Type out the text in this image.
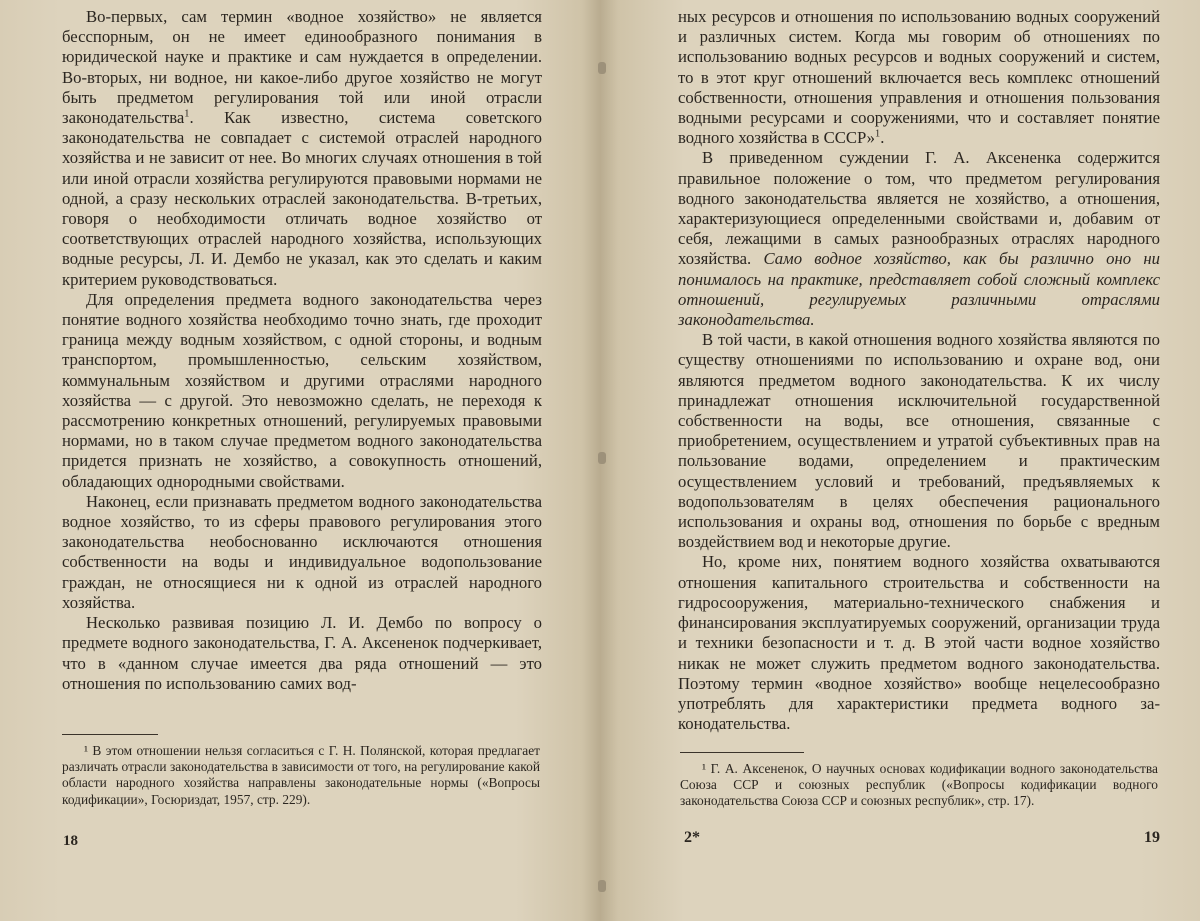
Во-первых, сам термин «водное хозяйство» не является бесспорным, он не имеет единообразного понимания в юридической науке и практике и сам нуждается в определении. Во-вторых, ни водное, ни какое-либо другое хозяйство не могут быть предметом регулирования той или иной отрасли законодательства$^1$. Как известно, система советского законодательства не совпадает с системой отраслей народного хозяйства и не зависит от нее. Во многих случаях отношения в той или иной отрасли хозяйства регулируются правовыми нормами не одной, а сразу нескольких отраслей законодательства. В-третьих, говоря о необходимости отличать водное хозяйство от соответствующих отраслей народного хозяйства, использующих водные ресурсы, Л. И. Дембо не указал, как это сделать и каким критерием руководствоваться.

Для определения предмета водного законодательства через понятие водного хозяйства необходимо точно знать, где проходит граница между водным хозяйством, с одной стороны, и водным транспортом, промышленностью, сельским хозяйством, коммунальным хозяйством и другими отраслями народного хозяйства — с другой. Это невозможно сделать, не переходя к рассмотрению конкретных отношений, регулируемых правовыми нормами, но в таком случае предметом водного законодательства придется признать не хозяйство, а совокупность отношений, обладающих однородными свойствами.

Наконец, если признавать предметом водного законодательства водное хозяйство, то из сферы правового регулирования этого законодательства необоснованно исключаются отношения собственности на воды и индивидуальное водопользование граждан, не относящиеся ни к одной из отраслей народного хозяйства.

Несколько развивая позицию Л. И. Дембо по вопросу о предмете водного законодательства, Г. А. Аксененок подчеркивает, что в «данном случае имеется два ряда отношений — это отношения по использованию самих вод-

¹ В этом отношении нельзя согласиться с Г. Н. Полянской, которая предлагает различать отрасли законодательства в зависимости от того, на регулирование какой области народного хозяйства направлены законодательные нормы («Вопросы кодификации», Госюриздат, 1957, стр. 229).

18

ных ресурсов и отношения по использованию водных сооружений и различных систем. Когда мы говорим об отношениях по использованию водных ресурсов и водных сооружений и систем, то в этот круг отношений включается весь комплекс отношений собственности, отношения управления и отношения пользования водными ресурсами и сооружениями, что и составляет понятие водного хозяйства в СССР»$^1$.

В приведенном суждении Г. А. Аксененка содержится правильное положение о том, что предметом регулирования водного законодательства является не хозяйство, а отношения, характеризующиеся определенными свойствами и, добавим от себя, лежащими в самых разнообразных отраслях народного хозяйства. Само водное хозяйство, как бы различно оно ни понималось на практике, представляет собой сложный комплекс отношений, регулируемых различными отраслями законодательства.

В той части, в какой отношения водного хозяйства являются по существу отношениями по использованию и охране вод, они являются предметом водного законодательства. К их числу принадлежат отношения исключительной государственной собственности на воды, все отношения, связанные с приобретением, осуществлением и утратой субъективных прав на пользование водами, определением и практическим осуществлением условий и требований, предъявляемых к водопользователям в целях обеспечения рационального использования и охраны вод, отношения по борьбе с вредным воздействием вод и некоторые другие.

Но, кроме них, понятием водного хозяйства охватываются отношения капитального строительства и собственности на гидросооружения, материально-технического снабжения и финансирования эксплуатируемых сооружений, организации труда и техники безопасности и т. д. В этой части водное хозяйство никак не может служить предметом водного законодательства. Поэтому термин «водное хозяйство» вообще нецелесообразно употреблять для характеристики предмета водного законодательства.

¹ Г. А. Аксененок, О научных основах кодификации водного законодательства Союза ССР и союзных республик («Вопросы кодификации водного законодательства Союза ССР и союзных республик», стр. 17).

2*	19
